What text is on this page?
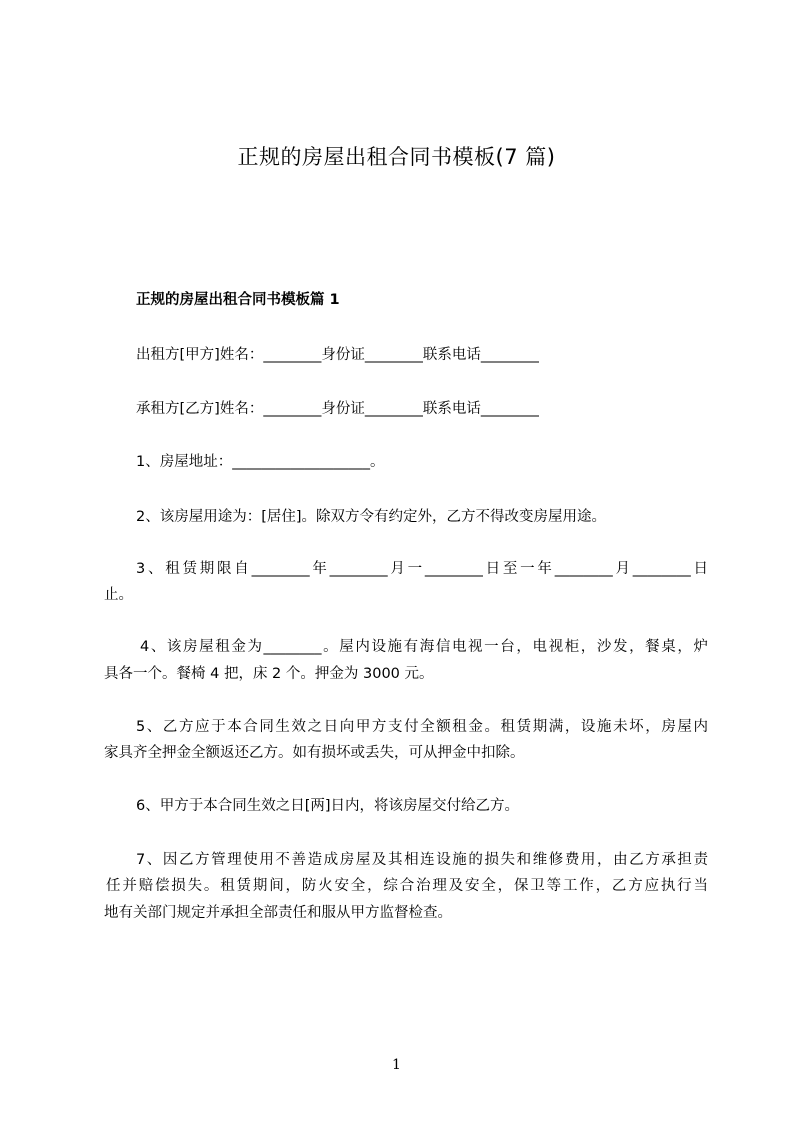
正规的房屋出租合同书模板(7 篇)
正规的房屋出租合同书模板篇 1
出租方[甲方]姓名：________身份证________联系电话________
承租方[乙方]姓名：________身份证________联系电话________
1、房屋地址：___________________。
2、该房屋用途为：[居住]。除双方令有约定外，乙方不得改变房屋用途。
3、租赁期限自________年________月一________日至一年________月________日
止。
4、该房屋租金为________。屋内设施有海信电视一台，电视柜，沙发，餐桌，炉
具各一个。餐椅 4 把，床 2 个。押金为 3000 元。
5、乙方应于本合同生效之日向甲方支付全额租金。租赁期满，设施未坏，房屋内
家具齐全押金全额返还乙方。如有损坏或丢失，可从押金中扣除。
6、甲方于本合同生效之日[两]日内，将该房屋交付给乙方。
7、因乙方管理使用不善造成房屋及其相连设施的损失和维修费用，由乙方承担责
任并赔偿损失。租赁期间，防火安全，综合治理及安全，保卫等工作，乙方应执行当
地有关部门规定并承担全部责任和服从甲方监督检查。
1
